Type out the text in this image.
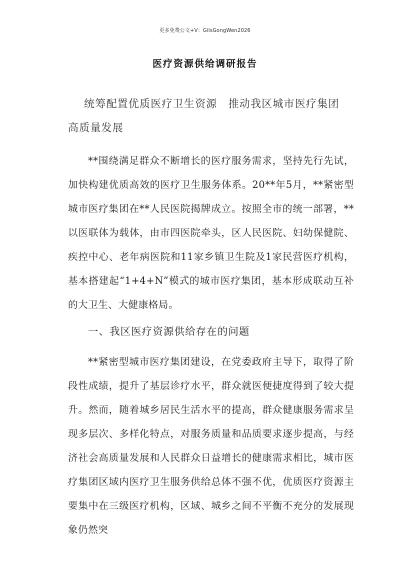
更多免费公文+V：GilsGongWen2026
医疗资源供给调研报告
统筹配置优质医疗卫生资源　推动我区城市医疗集团
高质量发展
**围绕满足群众不断增长的医疗服务需求，坚持先行先试，加快构建优质高效的医疗卫生服务体系。20**年5月，**紧密型城市医疗集团在**人民医院揭牌成立。按照全市的统一部署，**以医联体为载体，由市四医院牵头，区人民医院、妇幼保健院、疾控中心、老年病医院和11家乡镇卫生院及1家民营医疗机构，基本搭建起“1+4+N”模式的城市医疗集团，基本形成联动互补的大卫生、大健康格局。
一、我区医疗资源供给存在的问题
**紧密型城市医疗集团建设，在党委政府主导下，取得了阶段性成绩，提升了基层诊疗水平，群众就医便捷度得到了较大提升。然而，随着城乡居民生活水平的提高，群众健康服务需求呈现多层次、多样化特点，对服务质量和品质要求逐步提高，与经济社会高质量发展和人民群众日益增长的健康需求相比，城市医疗集团区域内医疗卫生服务供给总体不强不优，优质医疗资源主要集中在三级医疗机构，区域、城乡之间不平衡不充分的发展现象仍然突
